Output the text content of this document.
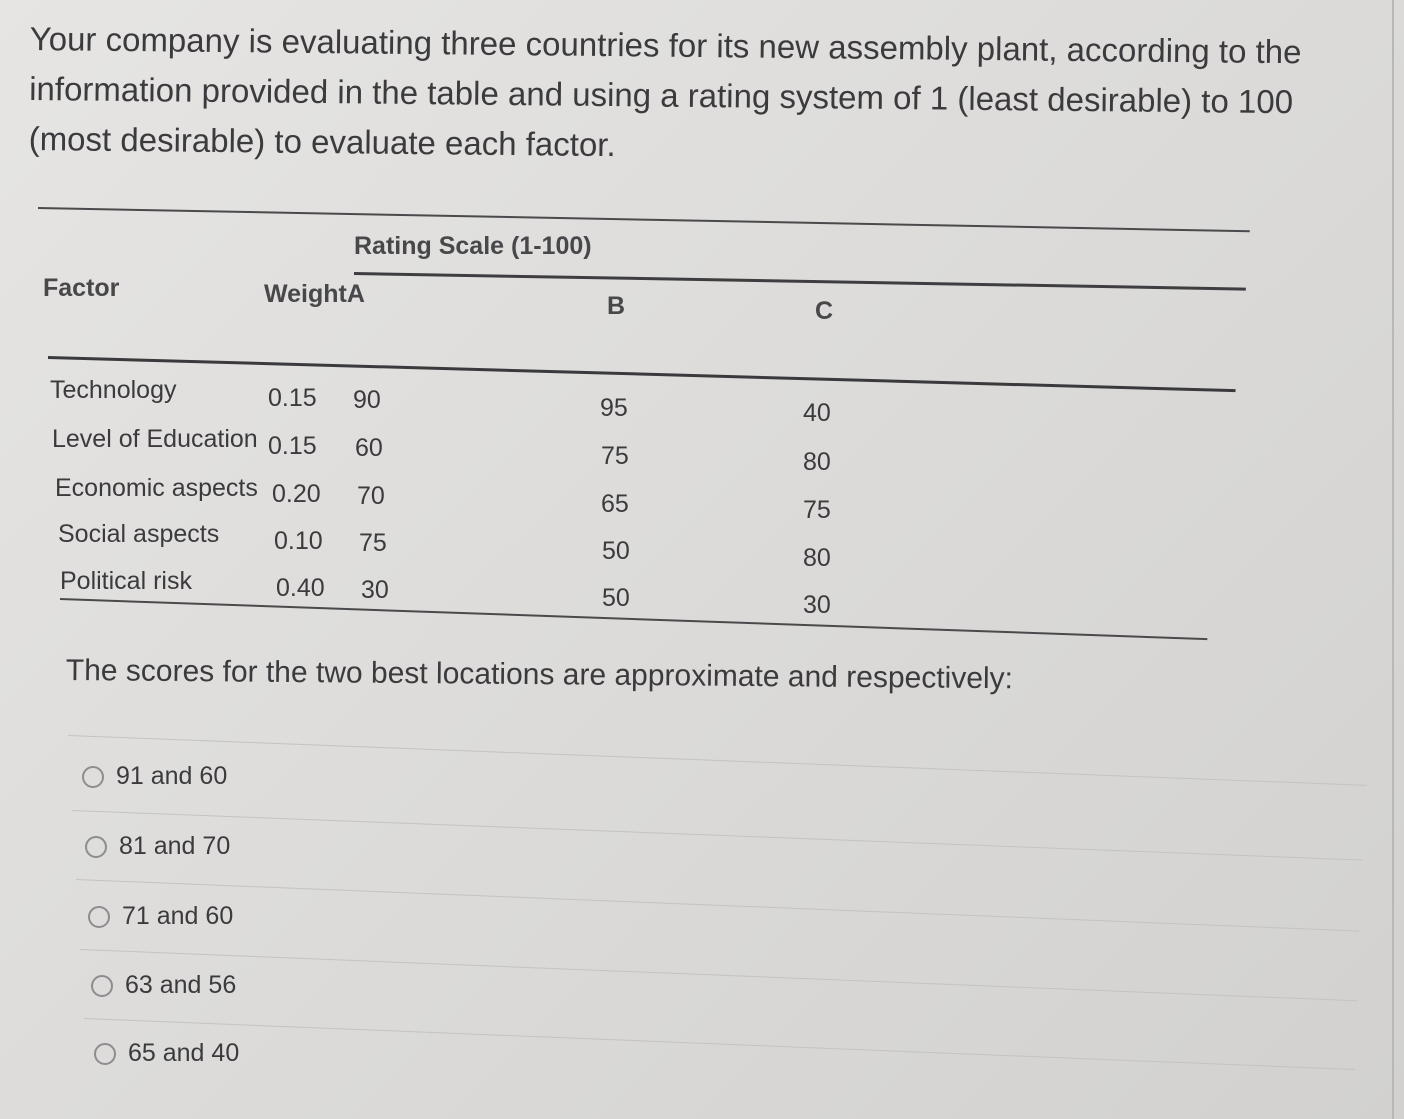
Your company is evaluating three countries for its new assembly plant, according to the information provided in the table and using a rating system of 1 (least desirable) to 100 (most desirable) to evaluate each factor.

Rating Scale (1-100)
Factor	WeightA	B	C
Technology	0.15 90	95	40
Level of Education 0.15 60	75	80
Economic aspects 0.20 70	65	75
Social aspects 0.10 75	50	80
Political risk	0.40 30	50	30
The scores for the two best locations are approximate and respectively:
91 and 60
81 and 70
71 and 60
63 and 56
65 and 40
